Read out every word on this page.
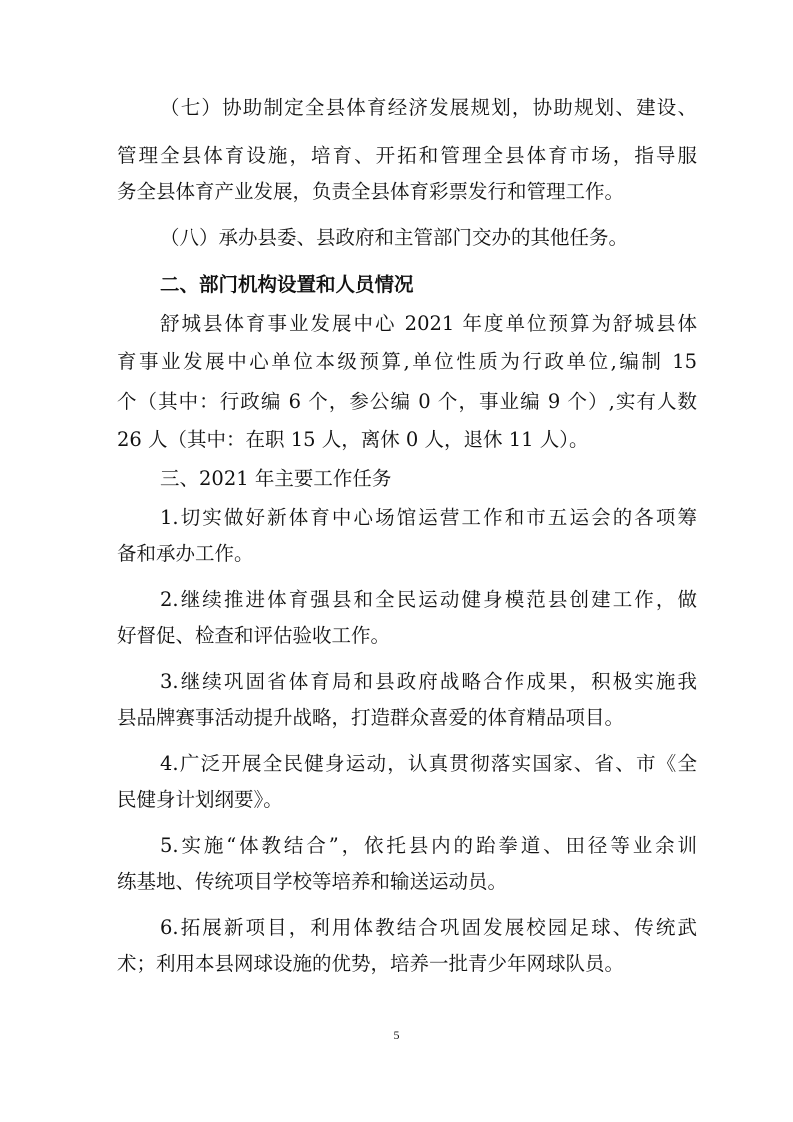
（七）协助制定全县体育经济发展规划，协助规划、建设、
管理全县体育设施，培育、开拓和管理全县体育市场，指导服
务全县体育产业发展，负责全县体育彩票发行和管理工作。
（八）承办县委、县政府和主管部门交办的其他任务。
二、部门机构设置和人员情况
舒城县体育事业发展中心 2021 年度单位预算为舒城县体
育事业发展中心单位本级预算,单位性质为行政单位,编制 15
个（其中：行政编 6 个，参公编 0 个，事业编 9 个）,实有人数
26 人（其中：在职 15 人，离休 0 人，退休 11 人）。
三、2021 年主要工作任务
1.切实做好新体育中心场馆运营工作和市五运会的各项筹
备和承办工作。
2.继续推进体育强县和全民运动健身模范县创建工作，做
好督促、检查和评估验收工作。
3.继续巩固省体育局和县政府战略合作成果，积极实施我
县品牌赛事活动提升战略，打造群众喜爱的体育精品项目。
4.广泛开展全民健身运动，认真贯彻落实国家、省、市《全
民健身计划纲要》。
5.实施“体教结合”，依托县内的跆拳道、田径等业余训
练基地、传统项目学校等培养和输送运动员。
6.拓展新项目，利用体教结合巩固发展校园足球、传统武
术；利用本县网球设施的优势，培养一批青少年网球队员。
5
